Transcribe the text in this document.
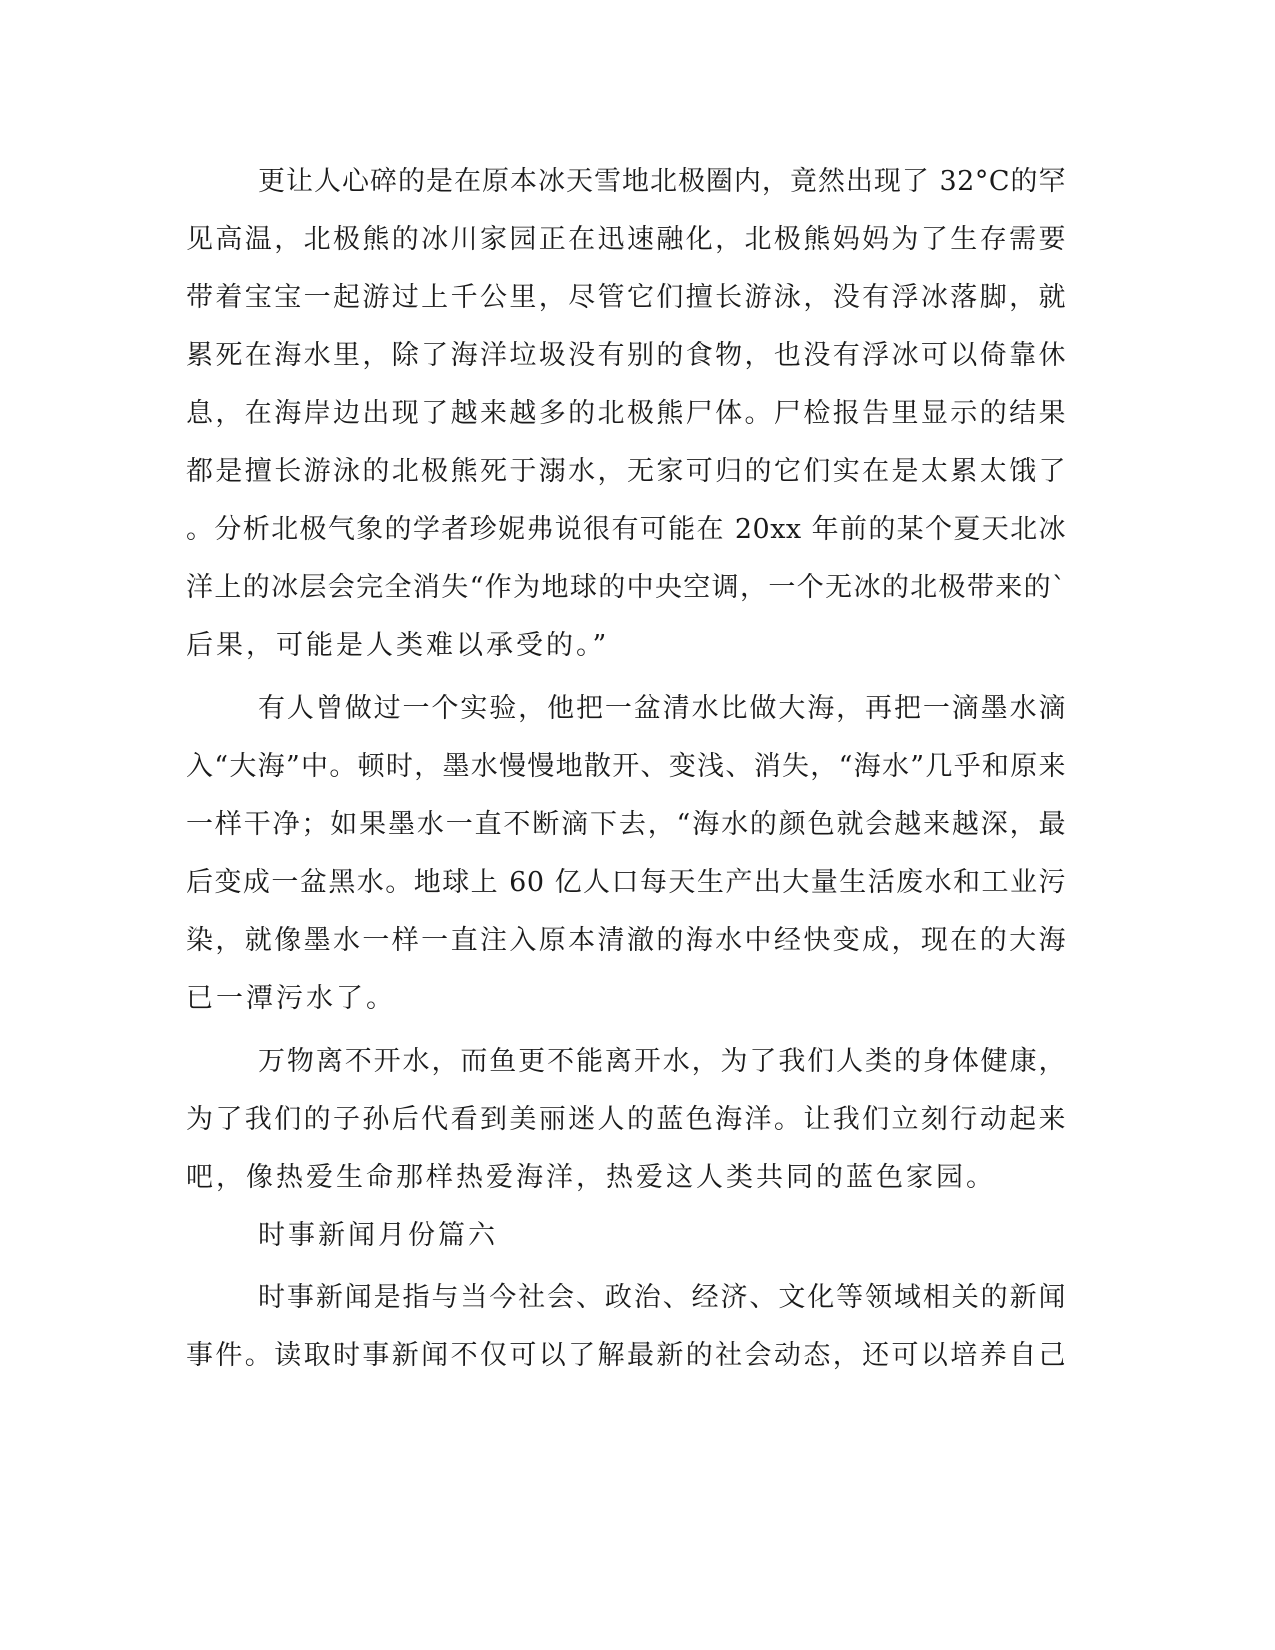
更让人心碎的是在原本冰天雪地北极圈内，竟然出现了 32°C的罕
见高温，北极熊的冰川家园正在迅速融化，北极熊妈妈为了生存需要
带着宝宝一起游过上千公里，尽管它们擅长游泳，没有浮冰落脚，就
累死在海水里，除了海洋垃圾没有别的食物，也没有浮冰可以倚靠休
息，在海岸边出现了越来越多的北极熊尸体。尸检报告里显示的结果
都是擅长游泳的北极熊死于溺水，无家可归的它们实在是太累太饿了
。分析北极气象的学者珍妮弗说很有可能在 20xx 年前的某个夏天北冰
洋上的冰层会完全消失“作为地球的中央空调，一个无冰的北极带来的`
后果，可能是人类难以承受的。”
有人曾做过一个实验，他把一盆清水比做大海，再把一滴墨水滴
入“大海”中。顿时，墨水慢慢地散开、变浅、消失，“海水”几乎和原来
一样干净；如果墨水一直不断滴下去，“海水的颜色就会越来越深，最
后变成一盆黑水。地球上 60 亿人口每天生产出大量生活废水和工业污
染，就像墨水一样一直注入原本清澈的海水中经快变成，现在的大海
已一潭污水了。
万物离不开水，而鱼更不能离开水，为了我们人类的身体健康，
为了我们的子孙后代看到美丽迷人的蓝色海洋。让我们立刻行动起来
吧，像热爱生命那样热爱海洋，热爱这人类共同的蓝色家园。
时事新闻月份篇六
时事新闻是指与当今社会、政治、经济、文化等领域相关的新闻
事件。读取时事新闻不仅可以了解最新的社会动态，还可以培养自己
